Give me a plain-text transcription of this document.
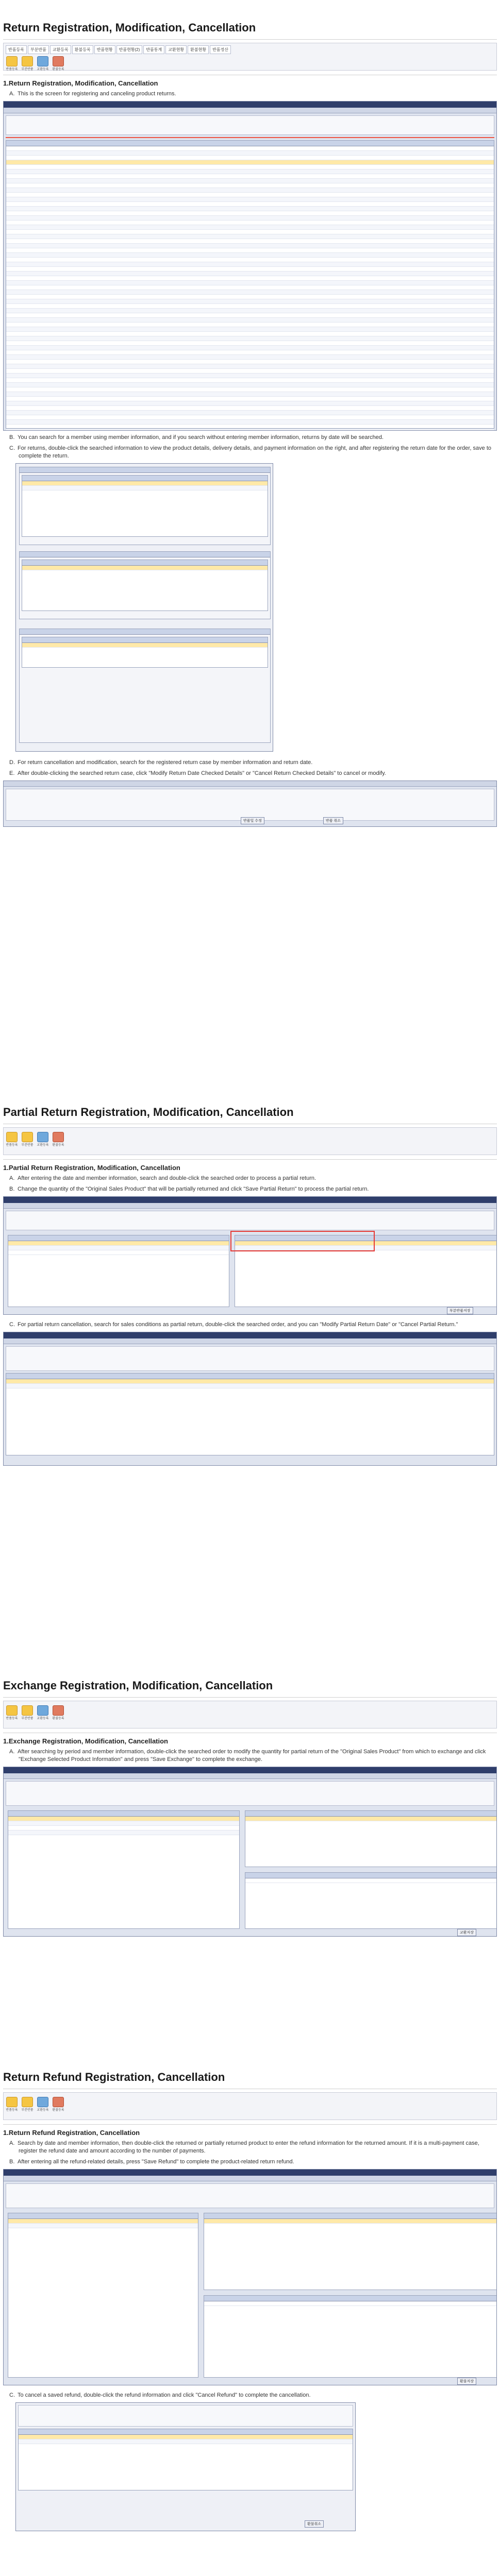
Return Registration, Modification, Cancellation
반품등록	부분반품	교환등록	환불등록	반품현황	반품현황(2)	반품통계	교환현황	환불현황	반품정산
반품등록 부분반품 교환등록 환불등록
1.Return Registration, Modification, Cancellation
A. This is the screen for registering and canceling product returns.
B. You can search for a member using member information, and if you search without entering member information, returns by date will be searched.
C. For returns, double-click the searched information to view the product details, delivery details, and payment information on the right, and after registering the return date for the order, save to complete the return.
D. For return cancellation and modification, search for the registered return case by member information and return date.
E. After double-clicking the searched return case, click "Modify Return Date Checked Details" or "Cancel Return Checked Details" to cancel or modify.
반품일 수정	반품 취소
Partial Return Registration, Modification, Cancellation
반품등록 부분반품 교환등록 환불등록
1.Partial Return Registration, Modification, Cancellation
A. After entering the date and member information, search and double-click the searched order to process a partial return.
B. Change the quantity of the "Original Sales Product" that will be partially returned and click "Save Partial Return" to process the partial return.
부분반품저장
C. For partial return cancellation, search for sales conditions as partial return, double-click the searched order, and you can "Modify Partial Return Date" or "Cancel Partial Return."
Exchange Registration, Modification, Cancellation
반품등록 부분반품 교환등록 환불등록
1.Exchange Registration, Modification, Cancellation
A. After searching by period and member information, double-click the searched order to modify the quantity for partial return of the "Original Sales Product" from which to exchange and click "Exchange Selected Product Information" and press "Save Exchange" to complete the exchange.
교환저장
Return Refund Registration, Cancellation
반품등록 부분반품 교환등록 환불등록
1.Return Refund Registration, Cancellation
A. Search by date and member information, then double-click the returned or partially returned product to enter the refund information for the returned amount. If it is a multi-payment case, register the refund date and amount according to the number of payments.
B. After entering all the refund-related details, press "Save Refund" to complete the product-related return refund.
환불저장
C. To cancel a saved refund, double-click the refund information and click "Cancel Refund" to complete the cancellation.
환불취소
